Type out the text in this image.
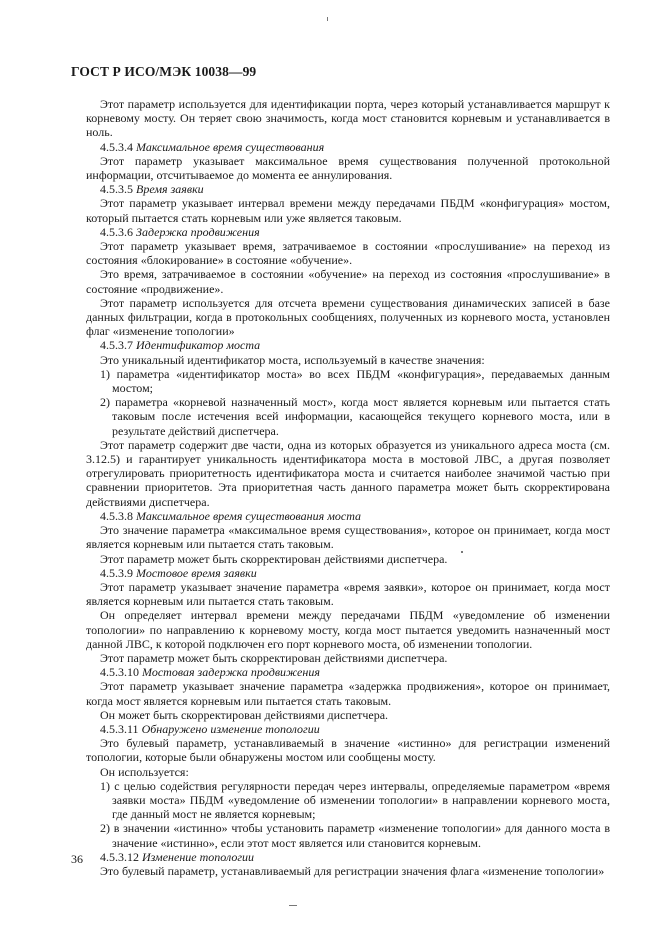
ГОСТ Р ИСО/МЭК 10038—99

Этот параметр используется для идентификации порта, через который устанавливается маршрут к корневому мосту. Он теряет свою значимость, когда мост становится корневым и устанавливается в ноль.

4.5.3.4 Максимальное время существования

Этот параметр указывает максимальное время существования полученной протокольной информации, отсчитываемое до момента ее аннулирования.

4.5.3.5 Время заявки

Этот параметр указывает интервал времени между передачами ПБДМ «конфигурация» мостом, который пытается стать корневым или уже является таковым.

4.5.3.6 Задержка продвижения

Этот параметр указывает время, затрачиваемое в состоянии «прослушивание» на переход из состояния «блокирование» в состояние «обучение».

Это время, затрачиваемое в состоянии «обучение» на переход из состояния «прослушивание» в состояние «продвижение».

Этот параметр используется для отсчета времени существования динамических записей в базе данных фильтрации, когда в протокольных сообщениях, полученных из корневого моста, установлен флаг «изменение топологии»

4.5.3.7 Идентификатор моста

Это уникальный идентификатор моста, используемый в качестве значения:

1) параметра «идентификатор моста» во всех ПБДМ «конфигурация», передаваемых данным мостом;

2) параметра «корневой назначенный мост», когда мост является корневым или пытается стать таковым после истечения всей информации, касающейся текущего корневого моста, или в результате действий диспетчера.

Этот параметр содержит две части, одна из которых образуется из уникального адреса моста (см. 3.12.5) и гарантирует уникальность идентификатора моста в мостовой ЛВС, а другая позволяет отрегулировать приоритетность идентификатора моста и считается наиболее значимой частью при сравнении приоритетов. Эта приоритетная часть данного параметра может быть скорректирована действиями диспетчера.

4.5.3.8 Максимальное время существования моста

Это значение параметра «максимальное время существования», которое он принимает, когда мост является корневым или пытается стать таковым.

Этот параметр может быть скорректирован действиями диспетчера.

4.5.3.9 Мостовое время заявки

Этот параметр указывает значение параметра «время заявки», которое он принимает, когда мост является корневым или пытается стать таковым.

Он определяет интервал времени между передачами ПБДМ «уведомление об изменении топологии» по направлению к корневому мосту, когда мост пытается уведомить назначенный мост данной ЛВС, к которой подключен его порт корневого моста, об изменении топологии.

Этот параметр может быть скорректирован действиями диспетчера.

4.5.3.10 Мостовая задержка продвижения

Этот параметр указывает значение параметра «задержка продвижения», которое он принимает, когда мост является корневым или пытается стать таковым.

Он может быть скорректирован действиями диспетчера.

4.5.3.11 Обнаружено изменение топологии

Это булевый параметр, устанавливаемый в значение «истинно» для регистрации изменений топологии, которые были обнаружены мостом или сообщены мосту.

Он используется:

1) с целью содействия регулярности передач через интервалы, определяемые параметром «время заявки моста» ПБДМ «уведомление об изменении топологии» в направлении корневого моста, где данный мост не является корневым;

2) в значении «истинно» чтобы установить параметр «изменение топологии» для данного моста в значение «истинно», если этот мост является или становится корневым.

4.5.3.12 Изменение топологии

Это булевый параметр, устанавливаемый для регистрации значения флага «изменение топологии»

36
